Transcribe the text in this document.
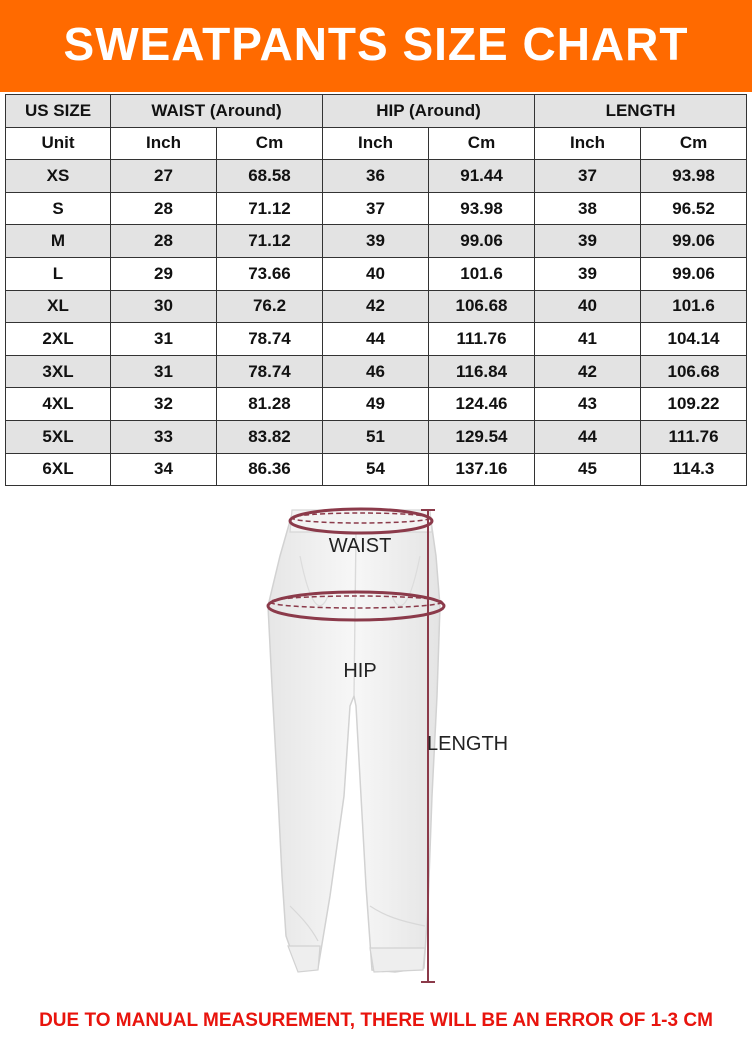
SWEATPANTS SIZE CHART
US SIZE	WAIST (Around)		HIP (Around)		LENGTH	
Unit	Inch	Cm	Inch	Cm	Inch	Cm
XS	27	68.58	36	91.44	37	93.98
S	28	71.12	37	93.98	38	96.52
M	28	71.12	39	99.06	39	99.06
L	29	73.66	40	101.6	39	99.06
XL	30	76.2	42	106.68	40	101.6
2XL	31	78.74	44	111.76	41	104.14
3XL	31	78.74	46	116.84	42	106.68
4XL	32	81.28	49	124.46	43	109.22
5XL	33	83.82	51	129.54	44	111.76
6XL	34	86.36	54	137.16	45	114.3
WAIST
HIP
LENGTH
DUE TO MANUAL MEASUREMENT, THERE WILL BE AN ERROR OF 1-3 CM
